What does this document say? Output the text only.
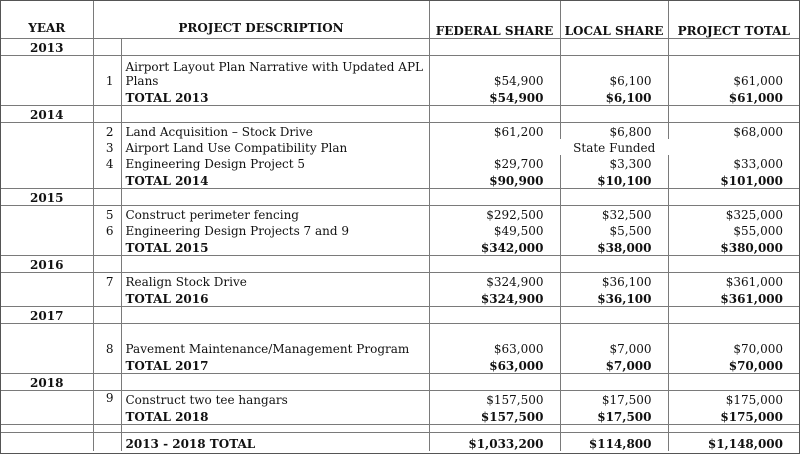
YEAR	PROJECT DESCRIPTION		FEDERAL SHARE	LOCAL SHARE	PROJECT TOTAL
2013					
	1	Airport Layout Plan Narrative with Updated APL Plans	$54,900	$6,100	$61,000
		TOTAL 2013	$54,900	$6,100	$61,000
2014					
	2	Land Acquisition – Stock Drive	$61,200	$6,800	$68,000
	3	Airport Land Use Compatibility Plan	State Funded		
	4	Engineering Design Project 5	$29,700	$3,300	$33,000
		TOTAL 2014	$90,900	$10,100	$101,000
2015					
	5	Construct perimeter fencing	$292,500	$32,500	$325,000
	6	Engineering Design Projects 7 and 9	$49,500	$5,500	$55,000
		TOTAL 2015	$342,000	$38,000	$380,000
2016					
	7	Realign Stock Drive	$324,900	$36,100	$361,000
		TOTAL 2016	$324,900	$36,100	$361,000
2017					
	8	Pavement Maintenance/Management Program	$63,000	$7,000	$70,000
		TOTAL 2017	$63,000	$7,000	$70,000
2018					
	9	Construct two tee hangars	$157,500	$17,500	$175,000
		TOTAL 2018	$157,500	$17,500	$175,000

		2013 - 2018 TOTAL	$1,033,200	$114,800	$1,148,000
